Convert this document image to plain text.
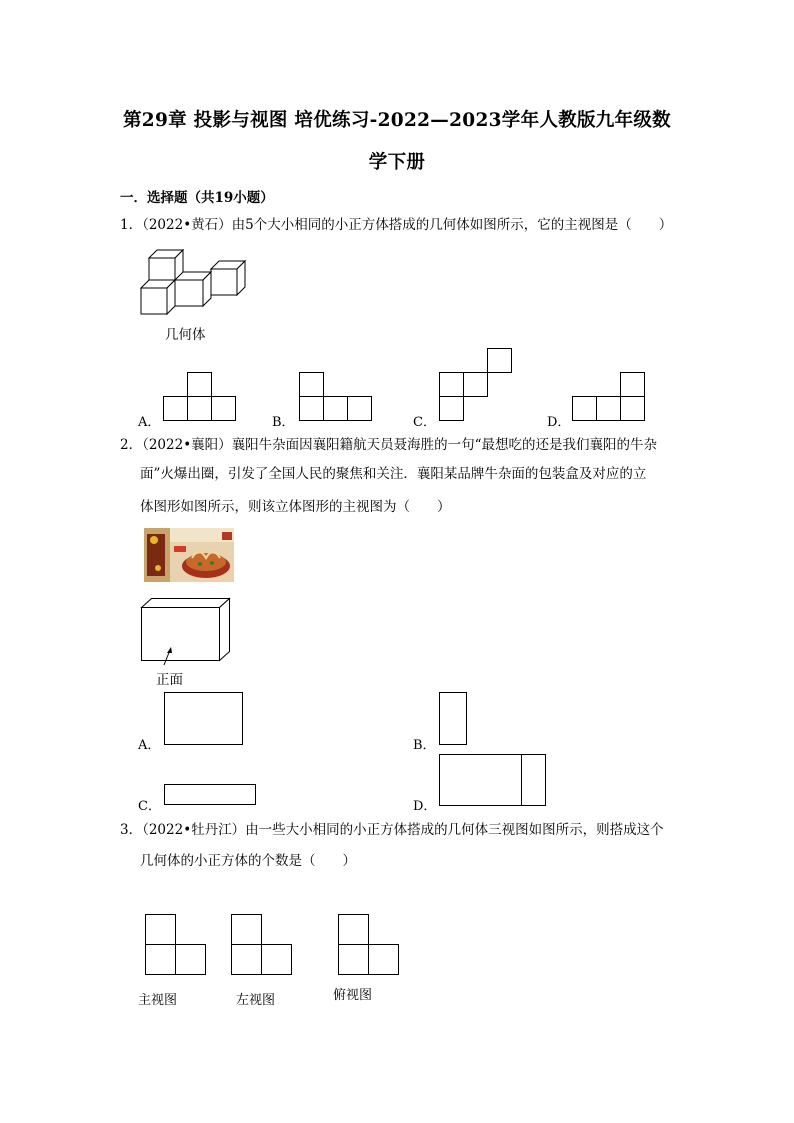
第29章 投影与视图 培优练习-2022—2023学年人教版九年级数
学下册
一．选择题（共19小题）
1．（2022•黄石）由5个大小相同的小正方体搭成的几何体如图所示，它的主视图是（　　）
几何体
A．	B．	C．	D．
2．（2022•襄阳）襄阳牛杂面因襄阳籍航天员聂海胜的一句“最想吃的还是我们襄阳的牛杂
面”火爆出圈，引发了全国人民的聚焦和关注．襄阳某品牌牛杂面的包装盒及对应的立
体图形如图所示，则该立体图形的主视图为（　　）
正面
A．	B．
C．	D．
3．（2022•牡丹江）由一些大小相同的小正方体搭成的几何体三视图如图所示，则搭成这个
几何体的小正方体的个数是（　　）
主视图	左视图	俯视图
